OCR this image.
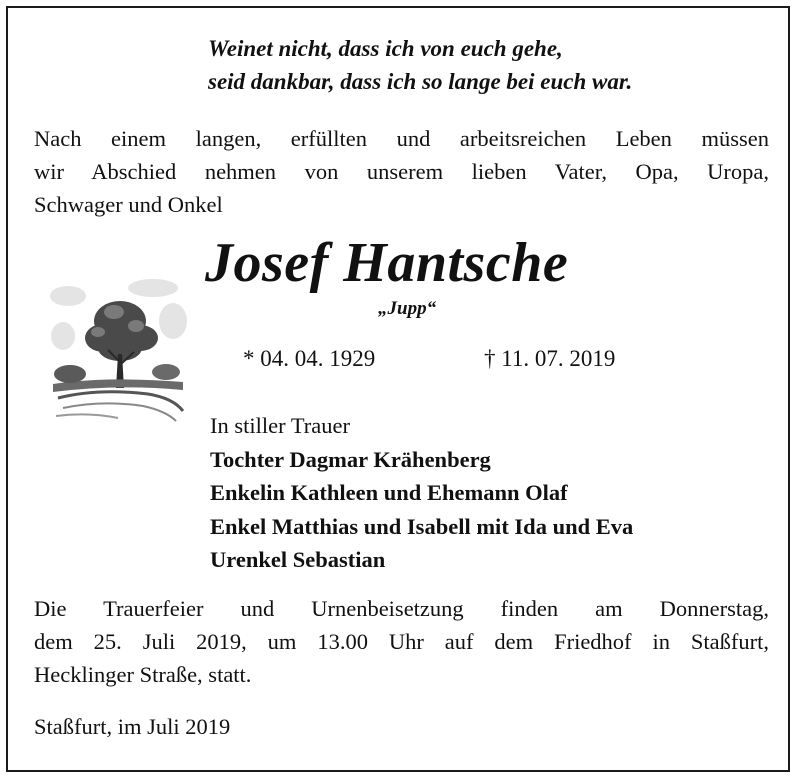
Weinet nicht, dass ich von euch gehe,
seid dankbar, dass ich so lange bei euch war.
Nach einem langen, erfüllten und arbeitsreichen Leben müssen
wir Abschied nehmen von unserem lieben Vater, Opa, Uropa,
Schwager und Onkel
Josef Hantsche
„Jupp“
* 04. 04. 1929	† 11. 07. 2019
In stiller Trauer
Tochter Dagmar Krähenberg
Enkelin Kathleen und Ehemann Olaf
Enkel Matthias und Isabell mit Ida und Eva
Urenkel Sebastian
Die Trauerfeier und Urnenbeisetzung finden am Donnerstag,
dem 25. Juli 2019, um 13.00 Uhr auf dem Friedhof in Staßfurt,
Hecklinger Straße, statt.
Staßfurt, im Juli 2019
